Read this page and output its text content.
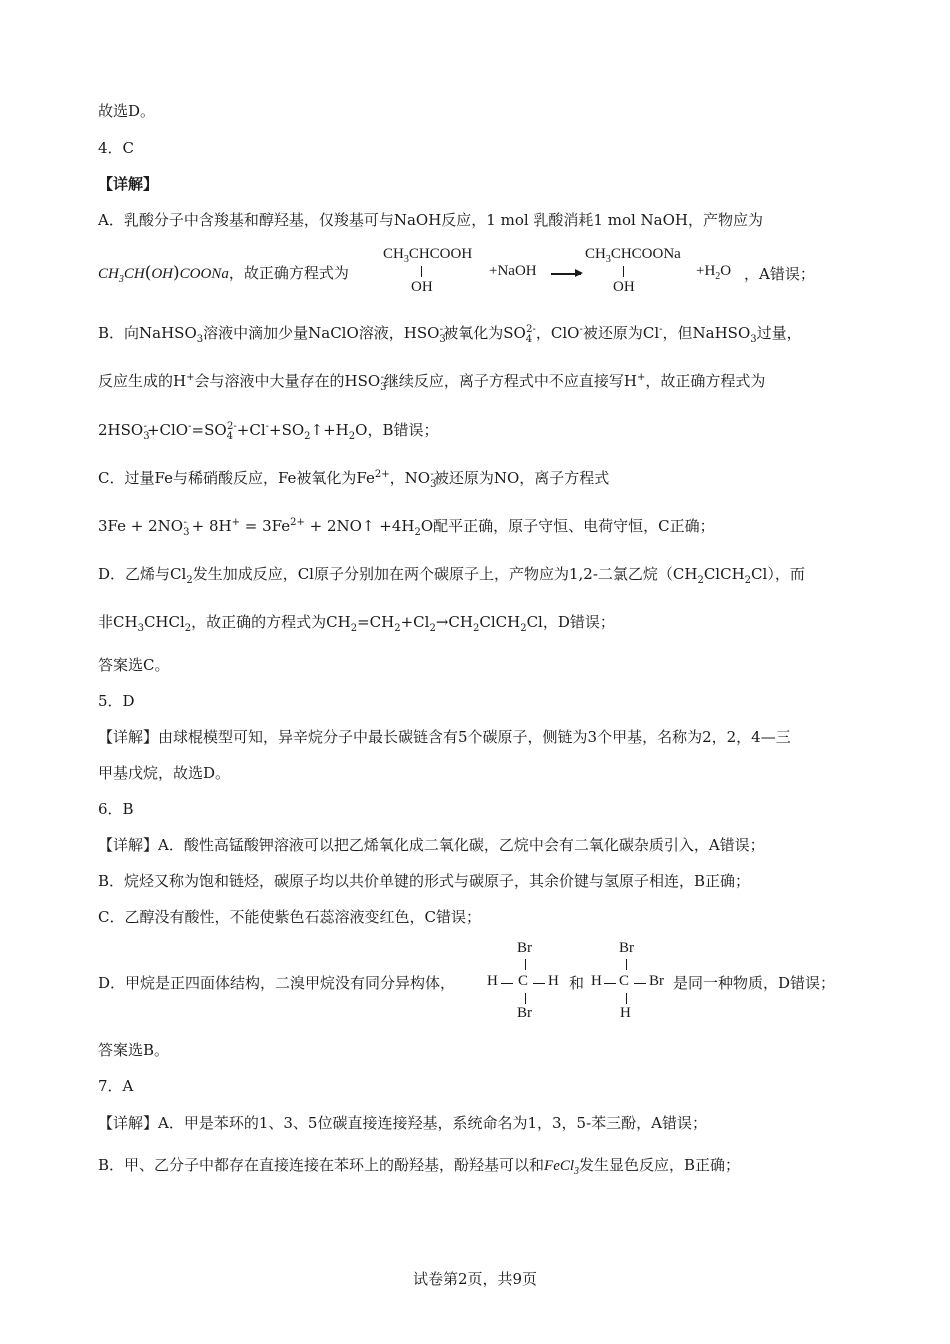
故选D。
4．C
【详解】
A．乳酸分子中含羧基和醇羟基，仅羧基可与NaOH反应，1 mol 乳酸消耗1 mol NaOH，产物应为
$CH_3CH(OH)COONa$，故正确方程式为
$CH_3CHCOOH$
OH
+NaOH
$CH_3CHCOONa$
OH
$+H_2O$ ，A错误；
B．向NaHSO$_3$溶液中滴加少量NaClO溶液，$HSO_3^-$被氧化为$SO_4^{2-}$，ClO-被还原为Cl-，但NaHSO$_3$过量，
反应生成的H+会与溶液中大量存在的$HSO_3^-$继续反应，离子方程式中不应直接写H+，故正确方程式为
$2HSO_3^-+ClO^-=SO_4^{2-}+Cl^-+SO_2↑+H_2O$，B错误；
C．过量Fe与稀硝酸反应，Fe被氧化为$Fe^{2+}$，$NO_3^-$被还原为NO，离子方程式
$3Fe + 2NO_3^- + 8H^+ = 3Fe^{2+}$ + 2NO↑ $+4H_2O$配平正确，原子守恒、电荷守恒，C正确；
D．乙烯与$Cl_2$发生加成反应，Cl原子分别加在两个碳原子上，产物应为1,2-二氯乙烷$(CH_2ClCH_2Cl)$，而
非$CH_3CHCl_2$，故正确的方程式为$CH_2=CH_2+Cl_2\to CH_2ClCH_2Cl$，D错误；
答案选C。
5．D
【详解】由球棍模型可知，异辛烷分子中最长碳链含有5个碳原子，侧链为3个甲基，名称为2，2，4—三
甲基戊烷，故选D。
6．B
【详解】A．酸性高锰酸钾溶液可以把乙烯氧化成二氧化碳，乙烷中会有二氧化碳杂质引入，A错误；
B．烷烃又称为饱和链烃，碳原子均以共价单键的形式与碳原子，其余价键与氢原子相连，B正确；
C．乙醇没有酸性，不能使紫色石蕊溶液变红色，C错误；
D．甲烷是正四面体结构，二溴甲烷没有同分异构体，
Br
H C H
Br
和
Br
H C Br
H
是同一种物质，D错误；
答案选B。
7．A
【详解】A．甲是苯环的1、3、5位碳直接连接羟基，系统命名为1，3，5-苯三酚，A错误；
B．甲、乙分子中都存在直接连接在苯环上的酚羟基，酚羟基可以和FeCl$_3$发生显色反应，B正确；
试卷第2页，共9页
